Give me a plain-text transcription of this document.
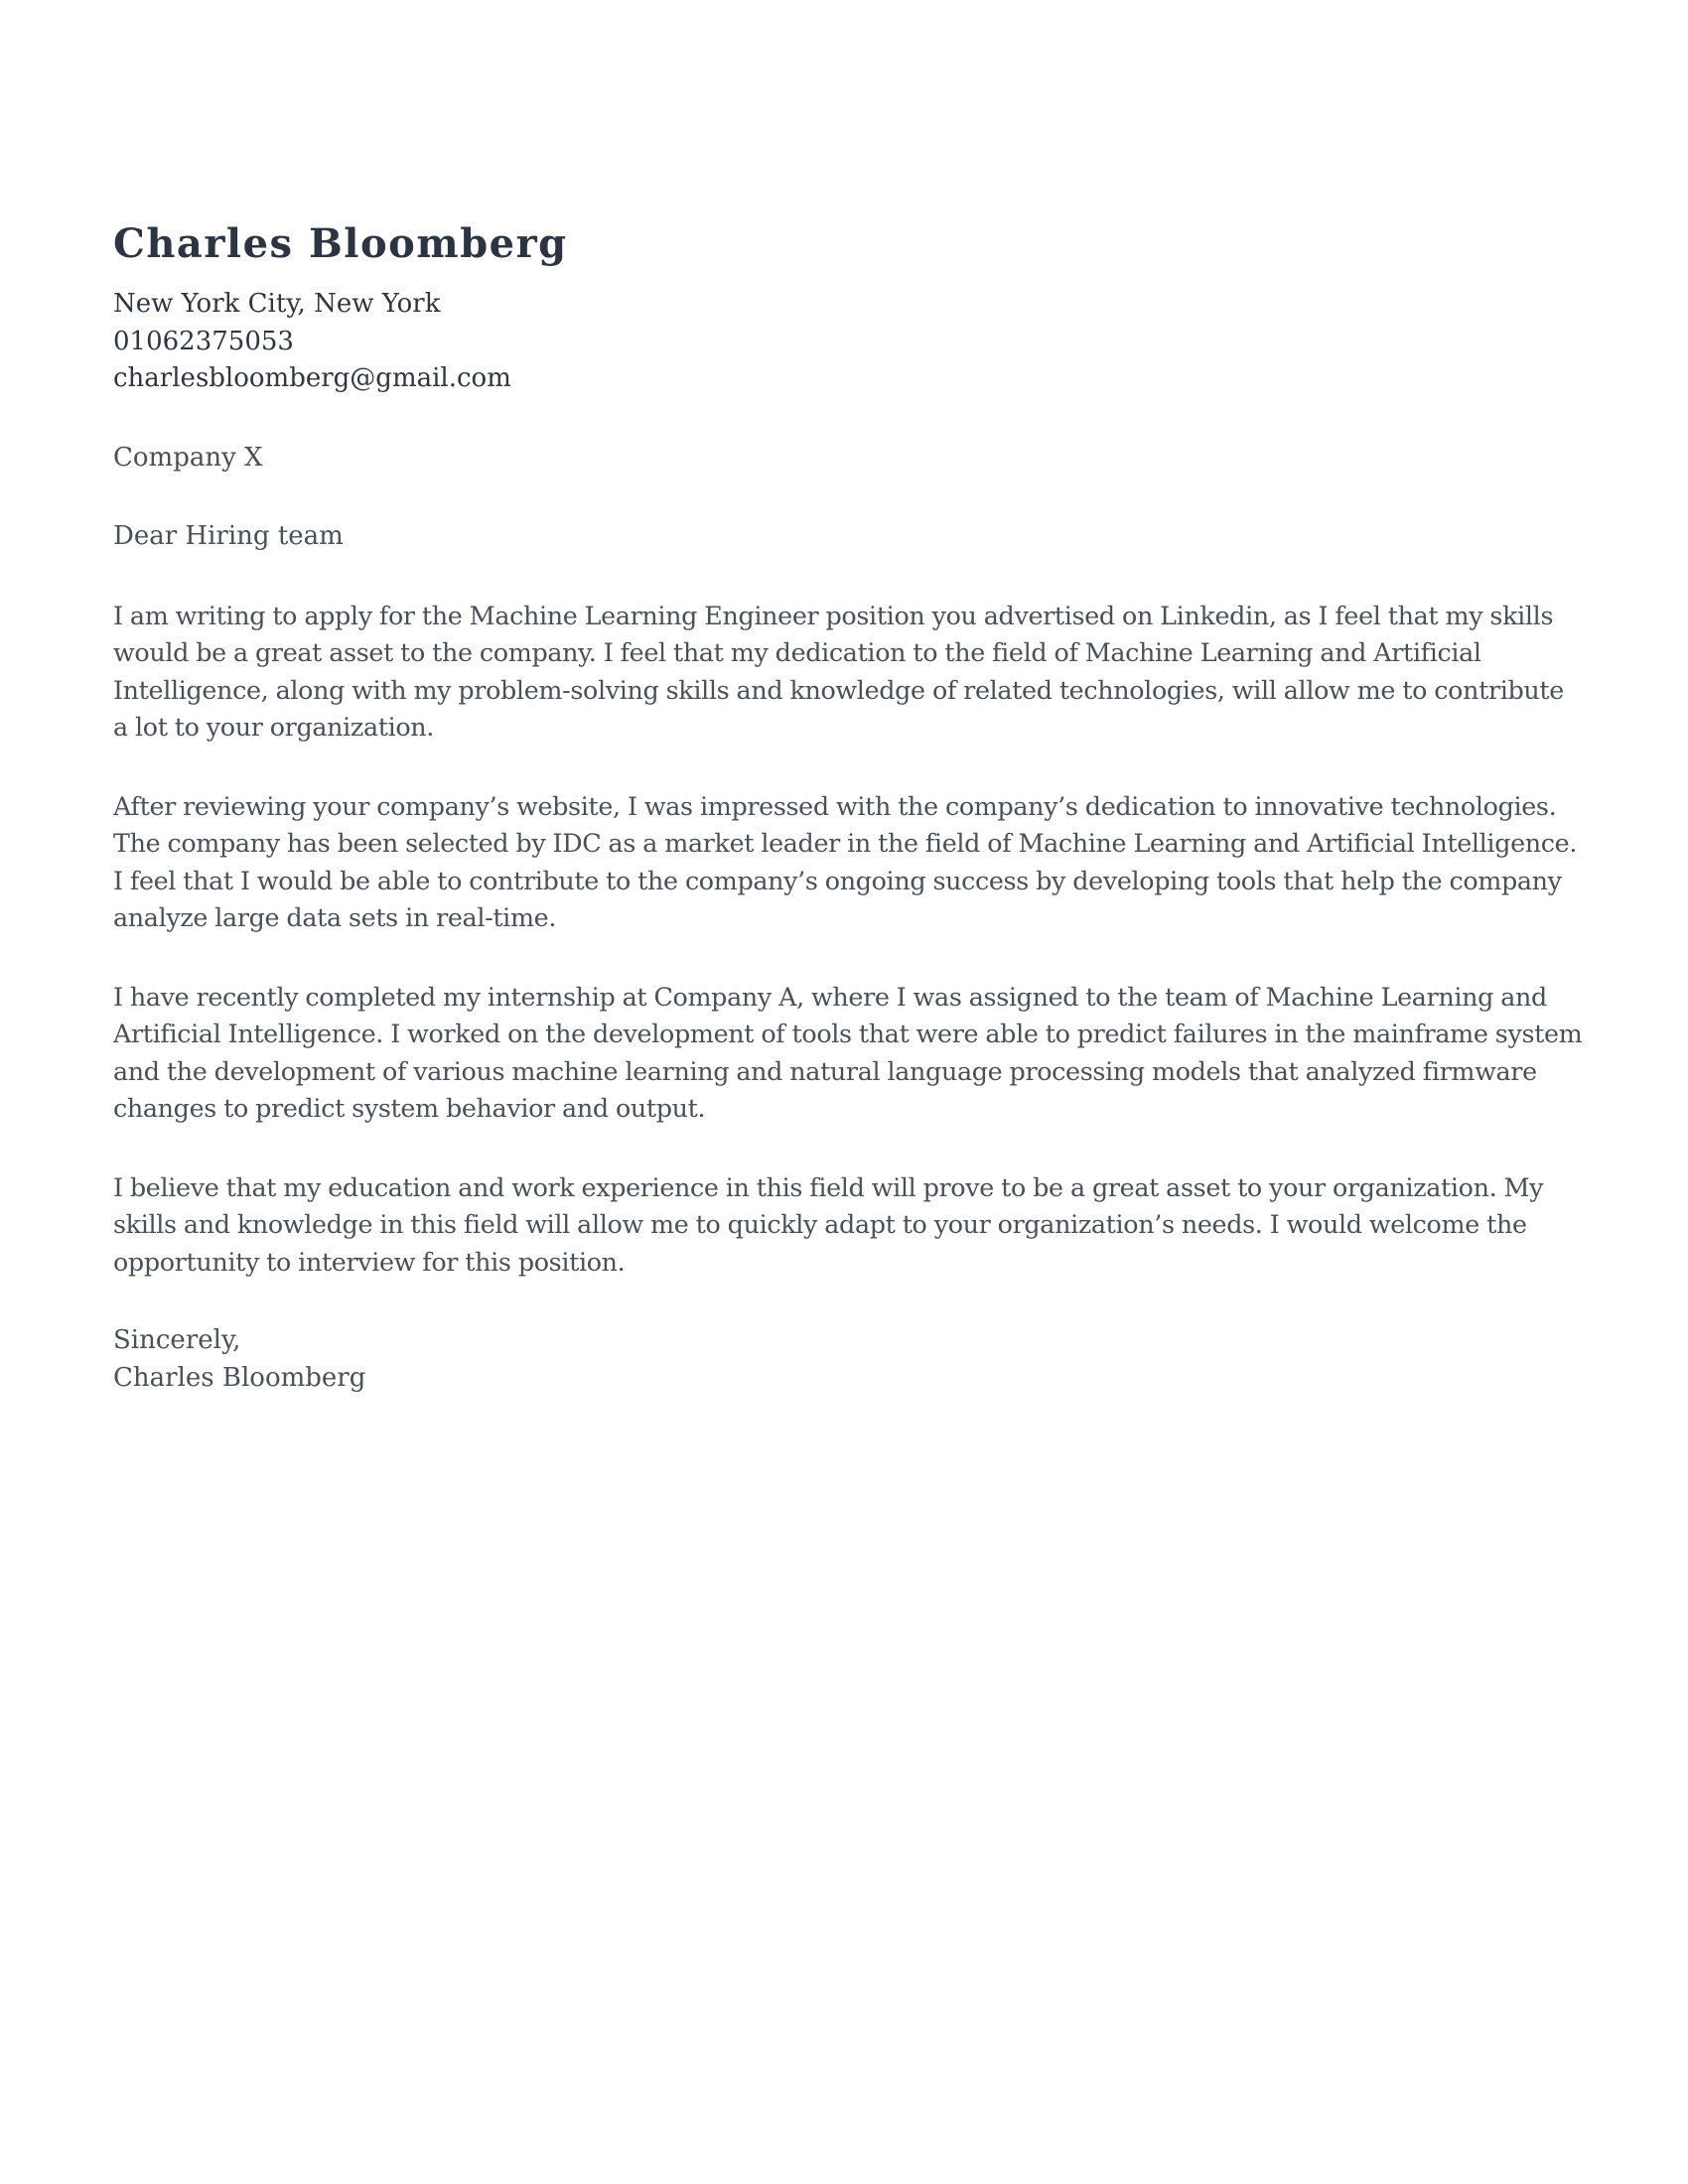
Charles Bloomberg
New York City, New York
01062375053
charlesbloomberg@gmail.com
Company X
Dear Hiring team
I am writing to apply for the Machine Learning Engineer position you advertised on Linkedin, as I feel that my skills would be a great asset to the company. I feel that my dedication to the field of Machine Learning and Artificial Intelligence, along with my problem-solving skills and knowledge of related technologies, will allow me to contribute a lot to your organization.
After reviewing your company’s website, I was impressed with the company’s dedication to innovative technologies. The company has been selected by IDC as a market leader in the field of Machine Learning and Artificial Intelligence. I feel that I would be able to contribute to the company’s ongoing success by developing tools that help the company analyze large data sets in real-time.
I have recently completed my internship at Company A, where I was assigned to the team of Machine Learning and Artificial Intelligence. I worked on the development of tools that were able to predict failures in the mainframe system and the development of various machine learning and natural language processing models that analyzed firmware changes to predict system behavior and output.
I believe that my education and work experience in this field will prove to be a great asset to your organization. My skills and knowledge in this field will allow me to quickly adapt to your organization’s needs. I would welcome the opportunity to interview for this position.
Sincerely,
Charles Bloomberg
